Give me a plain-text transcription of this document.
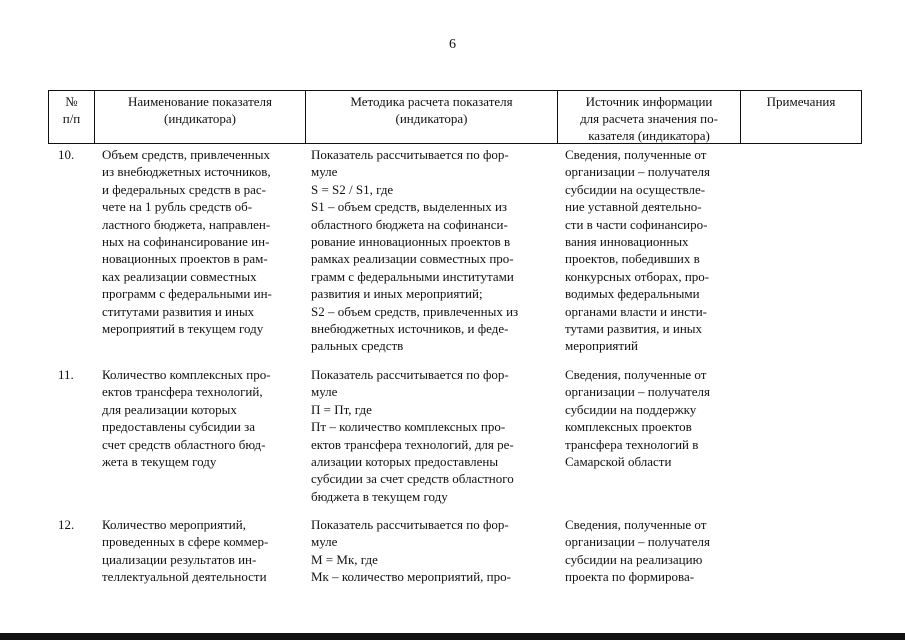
6
№
п/п
Наименование показателя
(индикатора)
Методика расчета показателя
(индикатора)
Источник информации
для расчета значения по-
казателя (индикатора)
Примечания
10. Объем средств, привлеченных
из внебюджетных источников,
и федеральных средств в рас-
чете на 1 рубль средств об-
ластного бюджета, направлен-
ных на софинансирование ин-
новационных проектов в рам-
ках реализации совместных
программ с федеральными ин-
ститутами развития и иных
мероприятий в текущем году
Показатель рассчитывается по фор-
муле
S = S2 / S1, где
S1 – объем средств, выделенных из
областного бюджета на софинанси-
рование инновационных проектов в
рамках реализации совместных про-
грамм с федеральными институтами
развития и иных мероприятий;
S2 – объем средств, привлеченных из
внебюджетных источников, и феде-
ральных средств
Сведения, полученные от
организации – получателя
субсидии на осуществле-
ние уставной деятельно-
сти в части софинансиро-
вания инновационных
проектов, победивших в
конкурсных отборах, про-
водимых федеральными
органами власти и инсти-
тутами развития, и иных
мероприятий
11. Количество комплексных про-
ектов трансфера технологий,
для реализации которых
предоставлены субсидии за
счет средств областного бюд-
жета в текущем году
Показатель рассчитывается по фор-
муле
П = Пт, где
Пт – количество комплексных про-
ектов трансфера технологий, для ре-
ализации которых предоставлены
субсидии за счет средств областного
бюджета в текущем году
Сведения, полученные от
организации – получателя
субсидии на поддержку
комплексных проектов
трансфера технологий в
Самарской области
12. Количество мероприятий,
проведенных в сфере коммер-
циализации результатов ин-
теллектуальной деятельности
Показатель рассчитывается по фор-
муле
М = Мк, где
Мк – количество мероприятий, про-
Сведения, полученные от
организации – получателя
субсидии на реализацию
проекта по формирова-
